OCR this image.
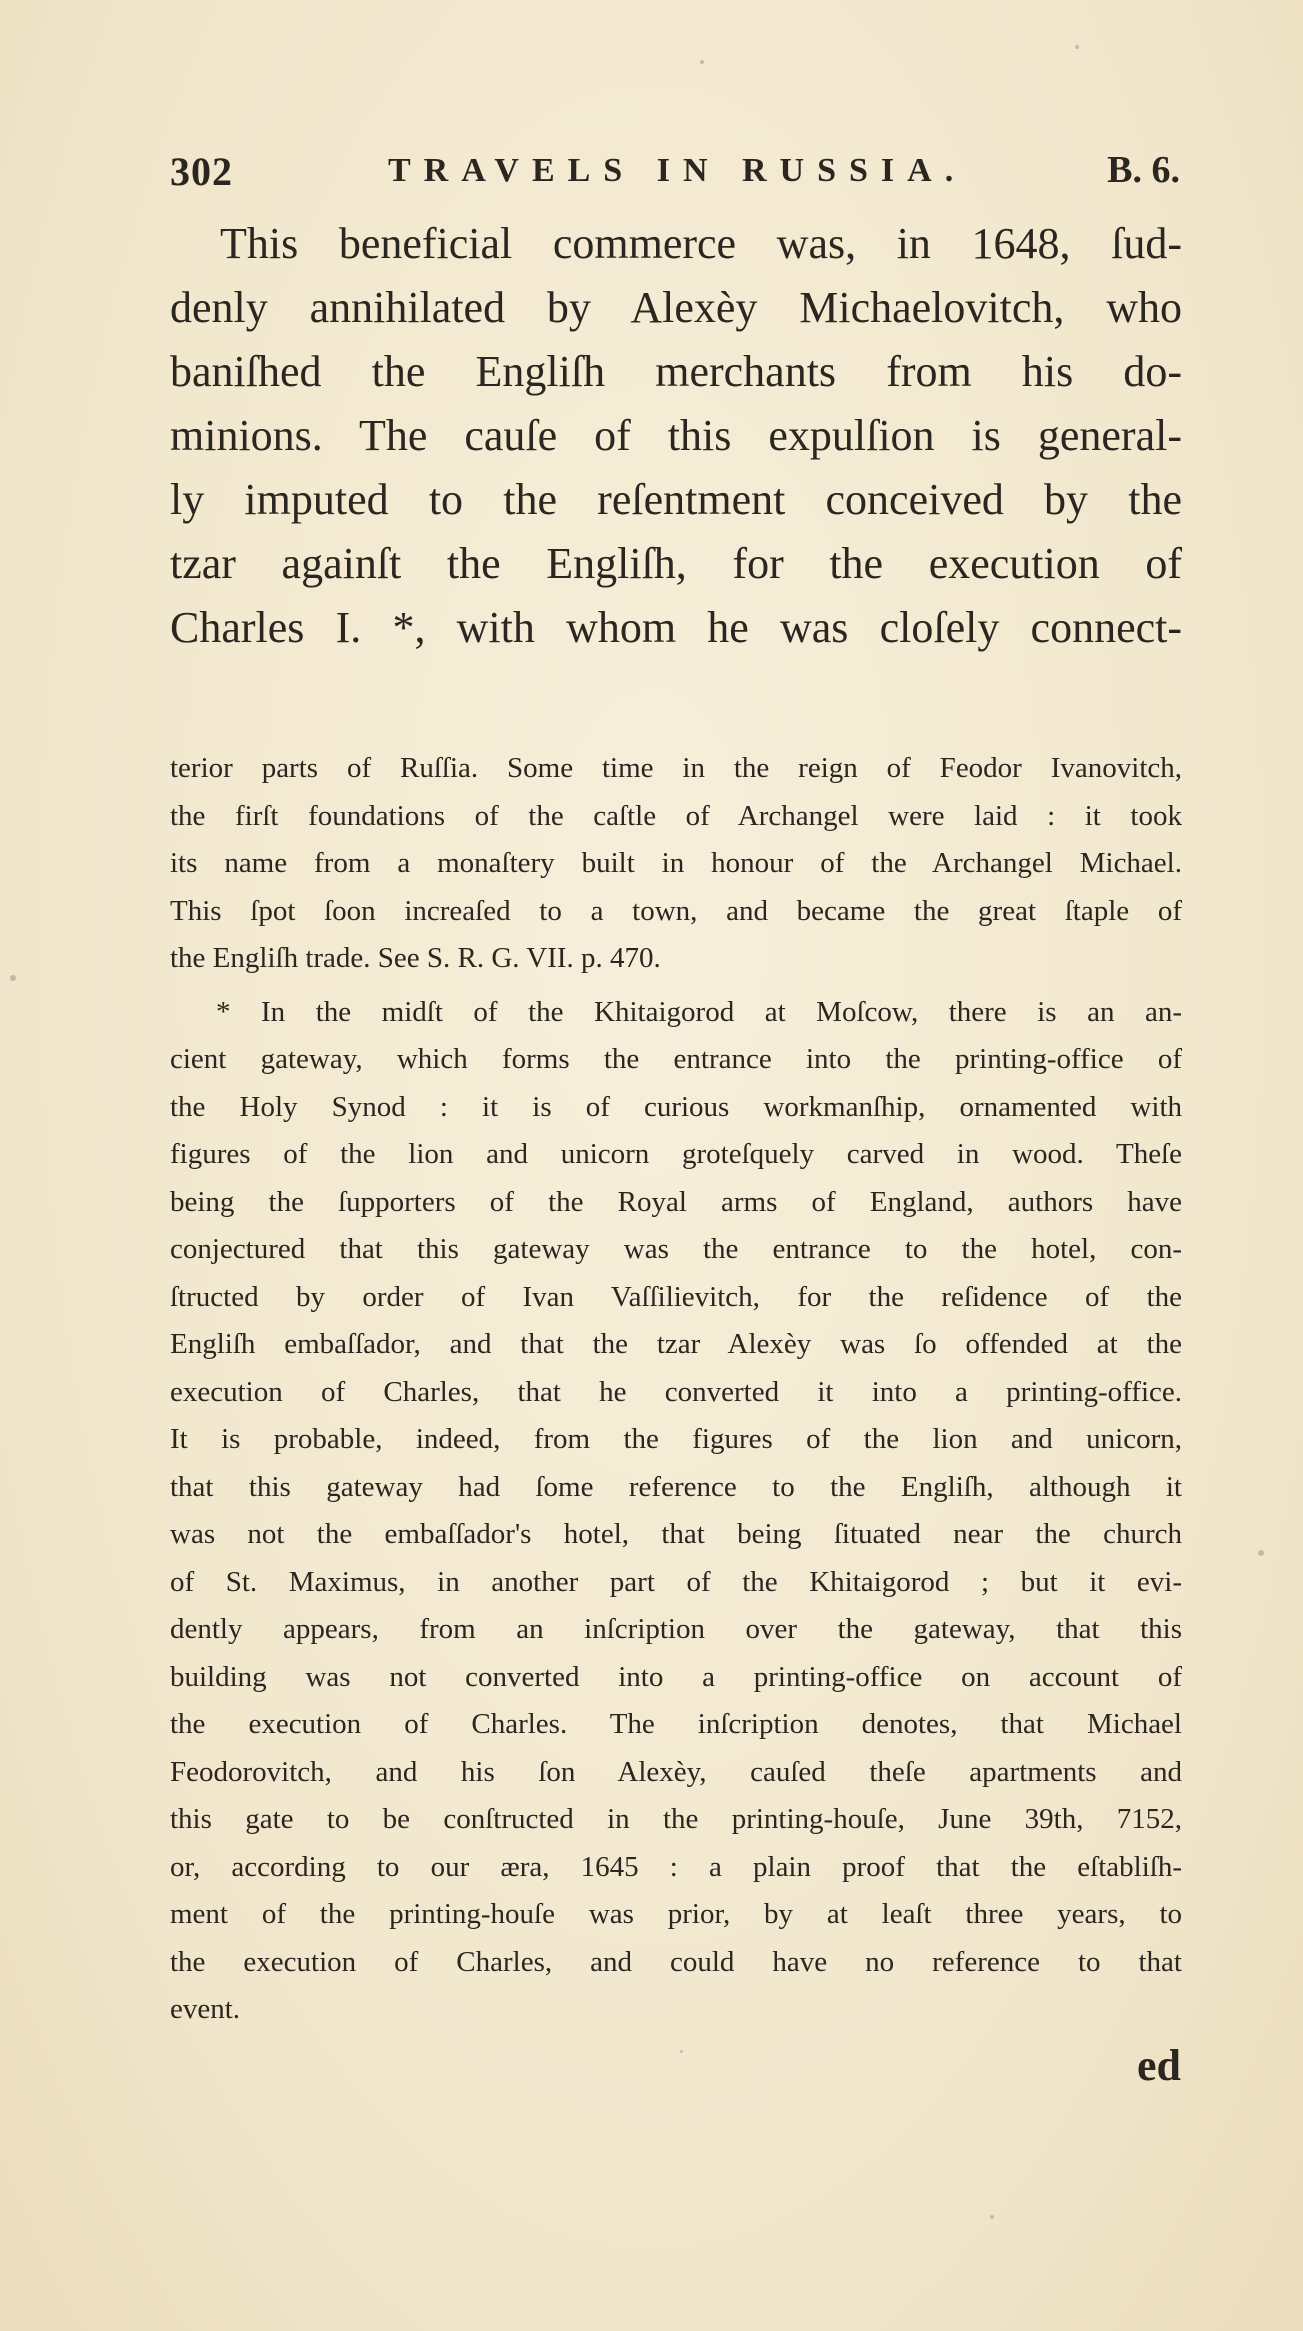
302	TRAVELS IN RUSSIA.	B. 6.
This beneficial commerce was, in 1648, ſud-
denly annihilated by Alexèy Michaelovitch, who
baniſhed the Engliſh merchants from his do-
minions. The cauſe of this expulſion is general-
ly imputed to the reſentment conceived by the
tzar againſt the Engliſh, for the execution of
Charles I. *, with whom he was cloſely connect-
terior parts of Ruſſia. Some time in the reign of Feodor Ivanovitch,
the firſt foundations of the caſtle of Archangel were laid : it took
its name from a monaſtery built in honour of the Archangel Michael.
This ſpot ſoon increaſed to a town, and became the great ſtaple of
the Engliſh trade. See S. R. G. VII. p. 470.
* In the midſt of the Khitaigorod at Moſcow, there is an an-
cient gateway, which forms the entrance into the printing-office of
the Holy Synod : it is of curious workmanſhip, ornamented with
figures of the lion and unicorn groteſquely carved in wood. Theſe
being the ſupporters of the Royal arms of England, authors have
conjectured that this gateway was the entrance to the hotel, con-
ſtructed by order of Ivan Vaſſilievitch, for the reſidence of the
Engliſh embaſſador, and that the tzar Alexèy was ſo offended at the
execution of Charles, that he converted it into a printing-office.
It is probable, indeed, from the figures of the lion and unicorn,
that this gateway had ſome reference to the Engliſh, although it
was not the embaſſador's hotel, that being ſituated near the church
of St. Maximus, in another part of the Khitaigorod ; but it evi-
dently appears, from an inſcription over the gateway, that this
building was not converted into a printing-office on account of
the execution of Charles. The inſcription denotes, that Michael
Feodorovitch, and his ſon Alexèy, cauſed theſe apartments and
this gate to be conſtructed in the printing-houſe, June 39th, 7152,
or, according to our æra, 1645 : a plain proof that the eſtabliſh-
ment of the printing-houſe was prior, by at leaſt three years, to
the execution of Charles, and could have no reference to that
event.
ed
